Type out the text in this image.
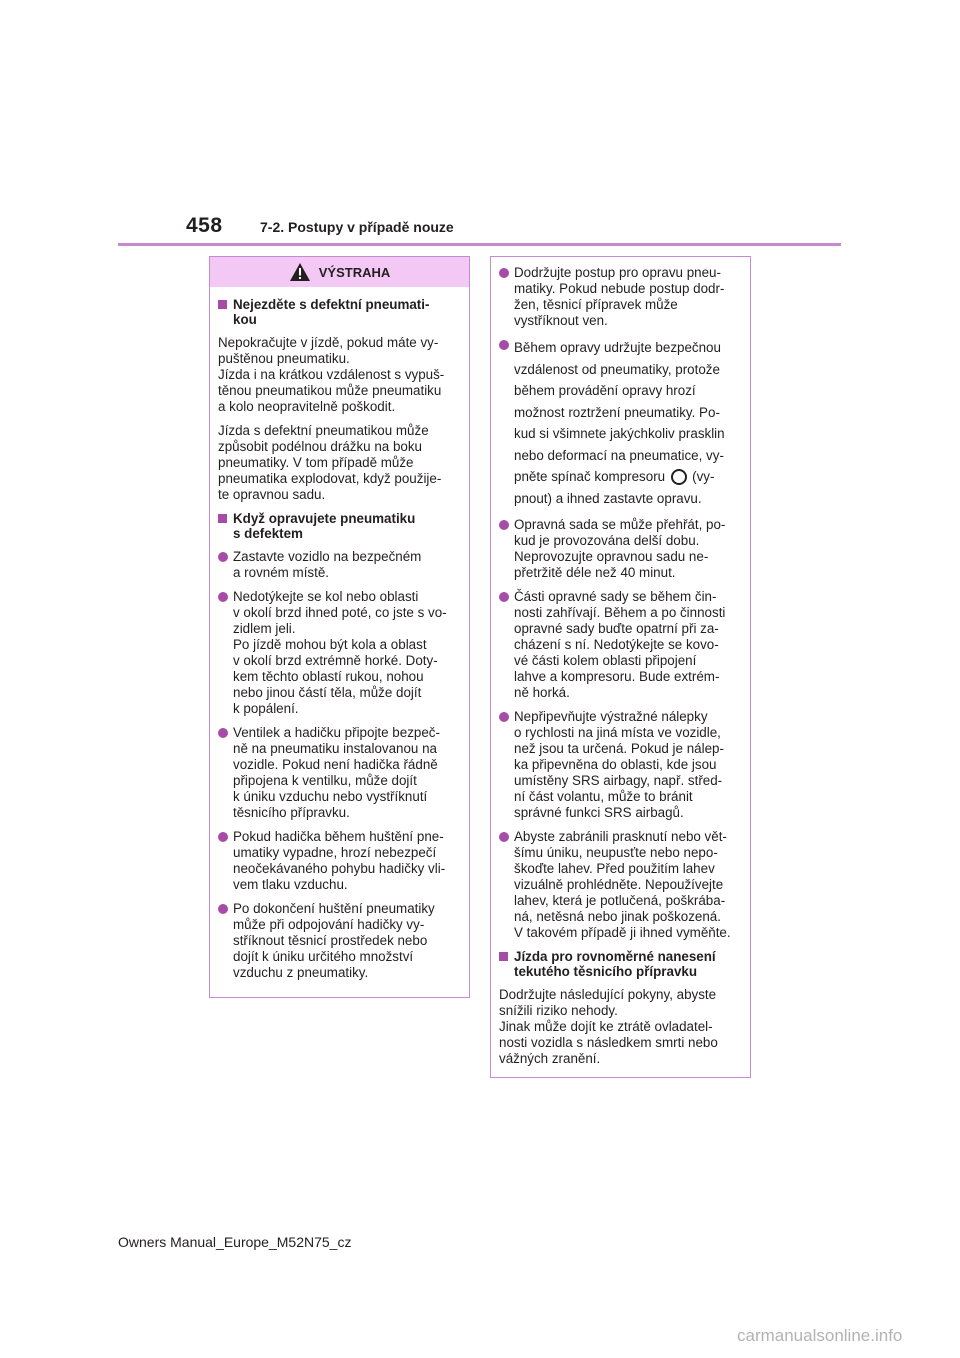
458	7-2. Postupy v případě nouze
VÝSTRAHA
Nejezděte s defektní pneumati-
kou
Nepokračujte v jízdě, pokud máte vy-
puštěnou pneumatiku.
Jízda i na krátkou vzdálenost s vypuš-
těnou pneumatikou může pneumatiku
a kolo neopravitelně poškodit.
Jízda s defektní pneumatikou může
způsobit podélnou drážku na boku
pneumatiky. V tom případě může
pneumatika explodovat, když použije-
te opravnou sadu.
Když opravujete pneumatiku
s defektem
Zastavte vozidlo na bezpečném
a rovném místě.
Nedotýkejte se kol nebo oblasti
v okolí brzd ihned poté, co jste s vo-
zidlem jeli.
Po jízdě mohou být kola a oblast
v okolí brzd extrémně horké. Doty-
kem těchto oblastí rukou, nohou
nebo jinou částí těla, může dojít
k popálení.
Ventilek a hadičku připojte bezpeč-
ně na pneumatiku instalovanou na
vozidle. Pokud není hadička řádně
připojena k ventilku, může dojít
k úniku vzduchu nebo vystříknutí
těsnicího přípravku.
Pokud hadička během huštění pne-
umatiky vypadne, hrozí nebezpečí
neočekávaného pohybu hadičky vli-
vem tlaku vzduchu.
Po dokončení huštění pneumatiky
může při odpojování hadičky vy-
stříknout těsnicí prostředek nebo
dojít k úniku určitého množství
vzduchu z pneumatiky.
Dodržujte postup pro opravu pneu-
matiky. Pokud nebude postup dodr-
žen, těsnicí přípravek může
vystříknout ven.
Během opravy udržujte bezpečnou
vzdálenost od pneumatiky, protože
během provádění opravy hrozí
možnost roztržení pneumatiky. Po-
kud si všimnete jakýchkoliv prasklin
nebo deformací na pneumatice, vy-
pněte spínač kompresoru (vy-
pnout) a ihned zastavte opravu.
Opravná sada se může přehřát, po-
kud je provozována delší dobu.
Neprovozujte opravnou sadu ne-
přetržitě déle než 40 minut.
Části opravné sady se během čin-
nosti zahřívají. Během a po činnosti
opravné sady buďte opatrní při za-
cházení s ní. Nedotýkejte se kovo-
vé části kolem oblasti připojení
lahve a kompresoru. Bude extrém-
ně horká.
Nepřipevňujte výstražné nálepky
o rychlosti na jiná místa ve vozidle,
než jsou ta určená. Pokud je nálep-
ka připevněna do oblasti, kde jsou
umístěny SRS airbagy, např. střed-
ní část volantu, může to bránit
správné funkci SRS airbagů.
Abyste zabránili prasknutí nebo vět-
šímu úniku, neupusťte nebo nepo-
škoďte lahev. Před použitím lahev
vizuálně prohlédněte. Nepoužívejte
lahev, která je potlučená, poškrába-
ná, netěsná nebo jinak poškozená.
V takovém případě ji ihned vyměňte.
Jízda pro rovnoměrné nanesení
tekutého těsnicího přípravku
Dodržujte následující pokyny, abyste
snížili riziko nehody.
Jinak může dojít ke ztrátě ovladatel-
nosti vozidla s následkem smrti nebo
vážných zranění.
Owners Manual_Europe_M52N75_cz
carmanualsonline.info
